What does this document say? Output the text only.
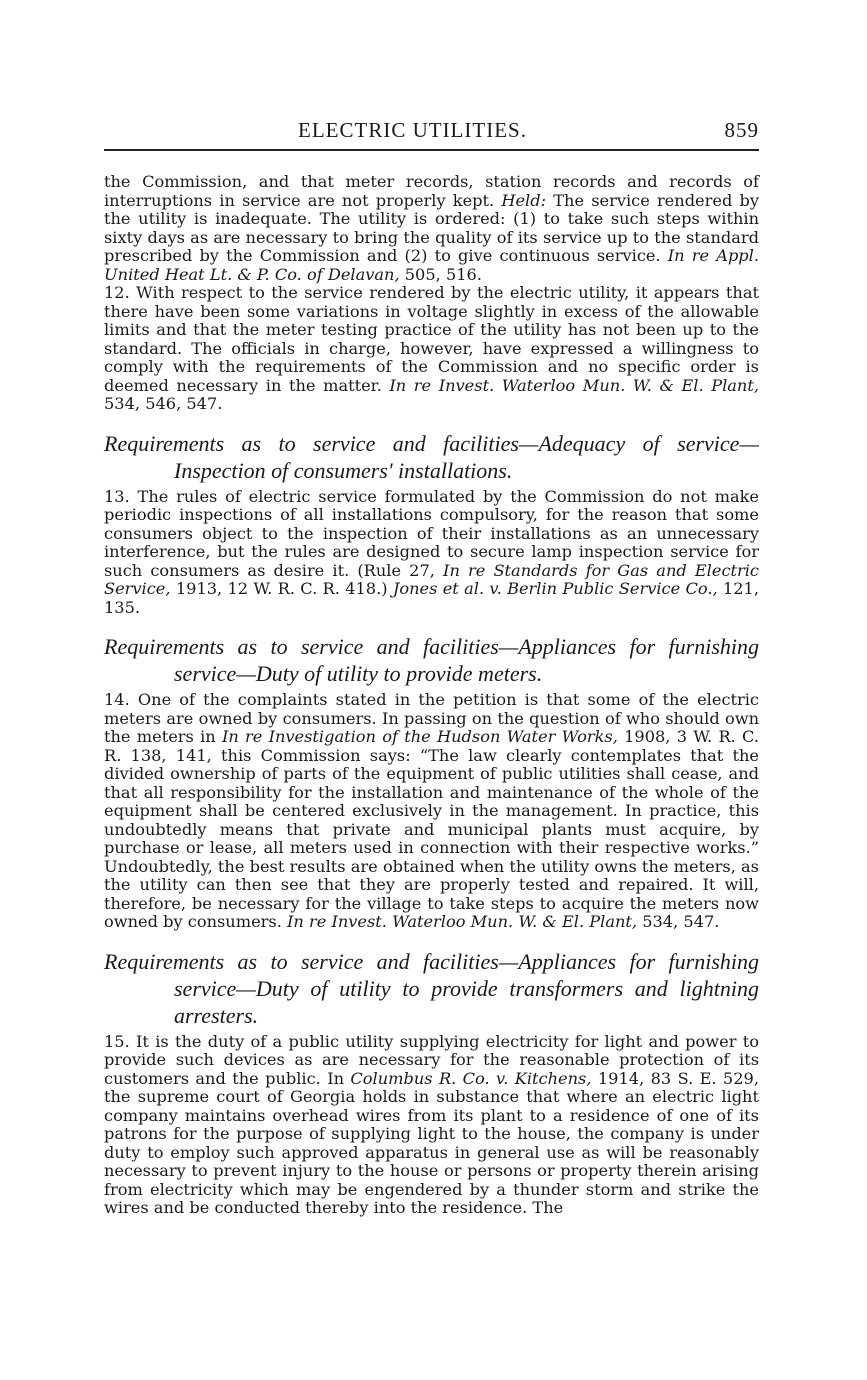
ELECTRIC UTILITIES.	859

the Commission, and that meter records, station records and records of interruptions in service are not properly kept. Held: The service rendered by the utility is inadequate. The utility is ordered: (1) to take such steps within sixty days as are necessary to bring the quality of its service up to the standard prescribed by the Commission and (2) to give continuous service. In re Appl. United Heat Lt. & P. Co. of Delavan, 505, 516.

12. With respect to the service rendered by the electric utility, it appears that there have been some variations in voltage slightly in excess of the allowable limits and that the meter testing practice of the utility has not been up to the standard. The officials in charge, however, have expressed a willingness to comply with the requirements of the Commission and no specific order is deemed necessary in the matter. In re Invest. Waterloo Mun. W. & El. Plant, 534, 546, 547.

Requirements as to service and facilities—Adequacy of service—Inspection of consumers' installations.

13. The rules of electric service formulated by the Commission do not make periodic inspections of all installations compulsory, for the reason that some consumers object to the inspection of their installations as an unnecessary interference, but the rules are designed to secure lamp inspection service for such consumers as desire it. (Rule 27, In re Standards for Gas and Electric Service, 1913, 12 W. R. C. R. 418.) Jones et al. v. Berlin Public Service Co., 121, 135.

Requirements as to service and facilities—Appliances for furnishing service—Duty of utility to provide meters.

14. One of the complaints stated in the petition is that some of the electric meters are owned by consumers. In passing on the question of who should own the meters in In re Investigation of the Hudson Water Works, 1908, 3 W. R. C. R. 138, 141, this Commission says: “The law clearly contemplates that the divided ownership of parts of the equipment of public utilities shall cease, and that all responsibility for the installation and maintenance of the whole of the equipment shall be centered exclusively in the management. In practice, this undoubtedly means that private and municipal plants must acquire, by purchase or lease, all meters used in connection with their respective works.” Undoubtedly, the best results are obtained when the utility owns the meters, as the utility can then see that they are properly tested and repaired. It will, therefore, be necessary for the village to take steps to acquire the meters now owned by consumers. In re Invest. Waterloo Mun. W. & El. Plant, 534, 547.

Requirements as to service and facilities—Appliances for furnishing service—Duty of utility to provide transformers and lightning arresters.

15. It is the duty of a public utility supplying electricity for light and power to provide such devices as are necessary for the reasonable protection of its customers and the public. In Columbus R. Co. v. Kitchens, 1914, 83 S. E. 529, the supreme court of Georgia holds in substance that where an electric light company maintains overhead wires from its plant to a residence of one of its patrons for the purpose of supplying light to the house, the company is under duty to employ such approved apparatus in general use as will be reasonably necessary to prevent injury to the house or persons or property therein arising from electricity which may be engendered by a thunder storm and strike the wires and be conducted thereby into the residence. The
